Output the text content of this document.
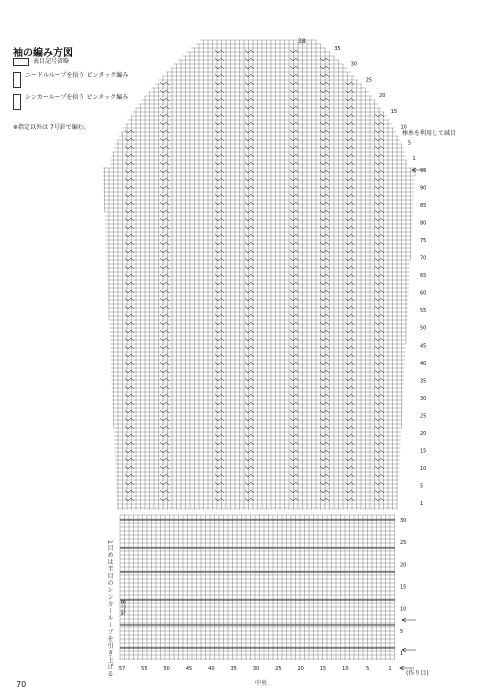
袖の編み方図
表目記号省略
ニードルループを拾う ピンタック編み
シンカーループを拾う ピンタック編み
※指定以外は 7号針で編む。
棒糸を利用して減目
(作り目)
中央
38
1目めは半目のシンカーループを引き上げる 8号針
70
95
90
85
80
75
70
65
60
55
50
45
40
35
30
25
20
15
10
5
1
35
30
25
20
15
10
5
1
30
25
20
15
10
5
1
57	55	50	45	40	35	30	25	20	15	10	5	1
